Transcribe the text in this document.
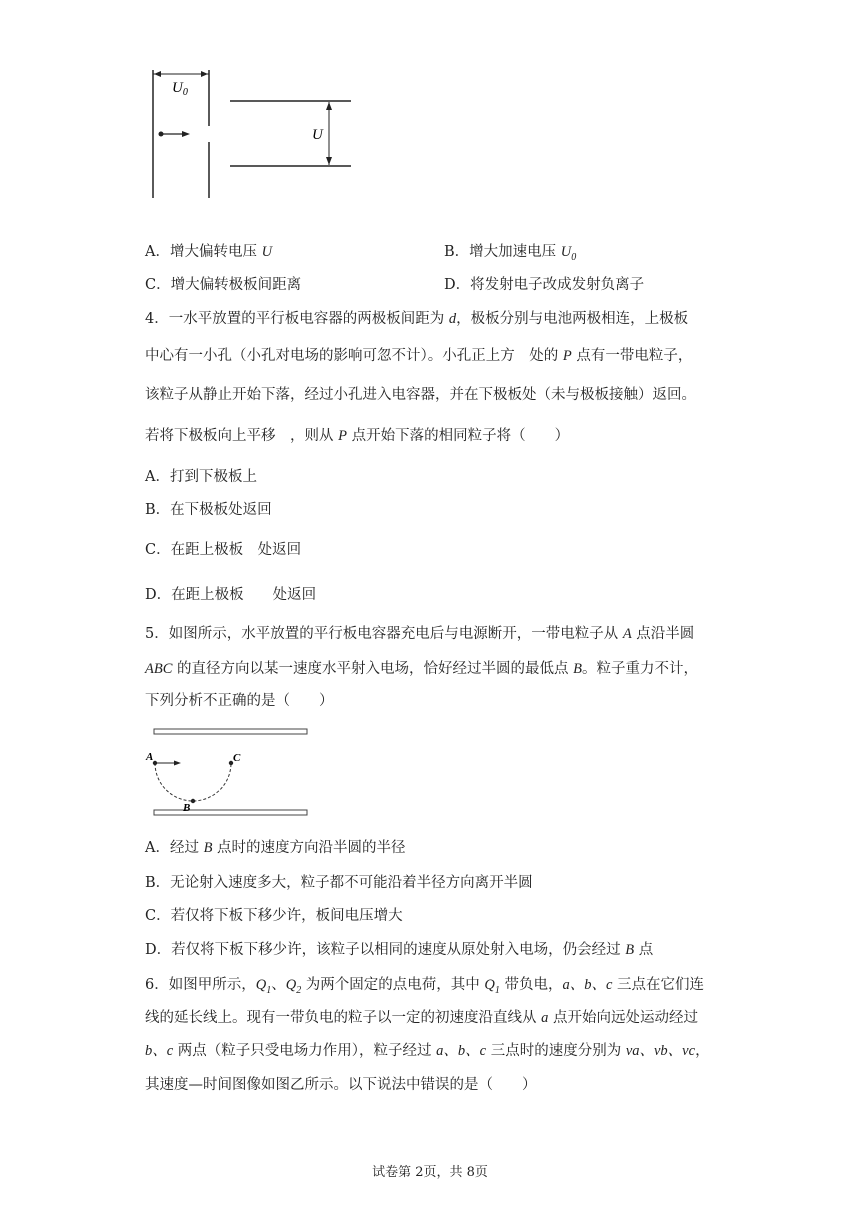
$U_0$
U
A．增大偏转电压 U	B．增大加速电压 $U_0$
C．增大偏转极板间距离	D．将发射电子改成发射负离子
4．一水平放置的平行板电容器的两极板间距为 d，极板分别与电池两极相连，上极板
中心有一小孔（小孔对电场的影响可忽不计）。小孔正上方　处的 P 点有一带电粒子，
该粒子从静止开始下落，经过小孔进入电容器，并在下极板处（未与极板接触）返回。
若将下极板向上平移　，则从 P 点开始下落的相同粒子将（　　）
A．打到下极板上
B．在下极板处返回
C．在距上极板　处返回
D．在距上极板　　处返回
5．如图所示，水平放置的平行板电容器充电后与电源断开，一带电粒子从 A 点沿半圆
ABC 的直径方向以某一速度水平射入电场，恰好经过半圆的最低点 B。粒子重力不计，
下列分析不正确的是（　　）
A
B
C
A．经过 B 点时的速度方向沿半圆的半径
B．无论射入速度多大，粒子都不可能沿着半径方向离开半圆
C．若仅将下板下移少许，板间电压增大
D．若仅将下板下移少许，该粒子以相同的速度从原处射入电场，仍会经过 B 点
6．如图甲所示，$Q_1$、$Q_2$ 为两个固定的点电荷，其中 $Q_1$ 带负电，a、b、c 三点在它们连
线的延长线上。现有一带负电的粒子以一定的初速度沿直线从 a 点开始向远处运动经过
b、c 两点（粒子只受电场力作用），粒子经过 a、b、c 三点时的速度分别为 va、vb、vc，
其速度—时间图像如图乙所示。以下说法中错误的是（　　）
试卷第 2页，共 8页
